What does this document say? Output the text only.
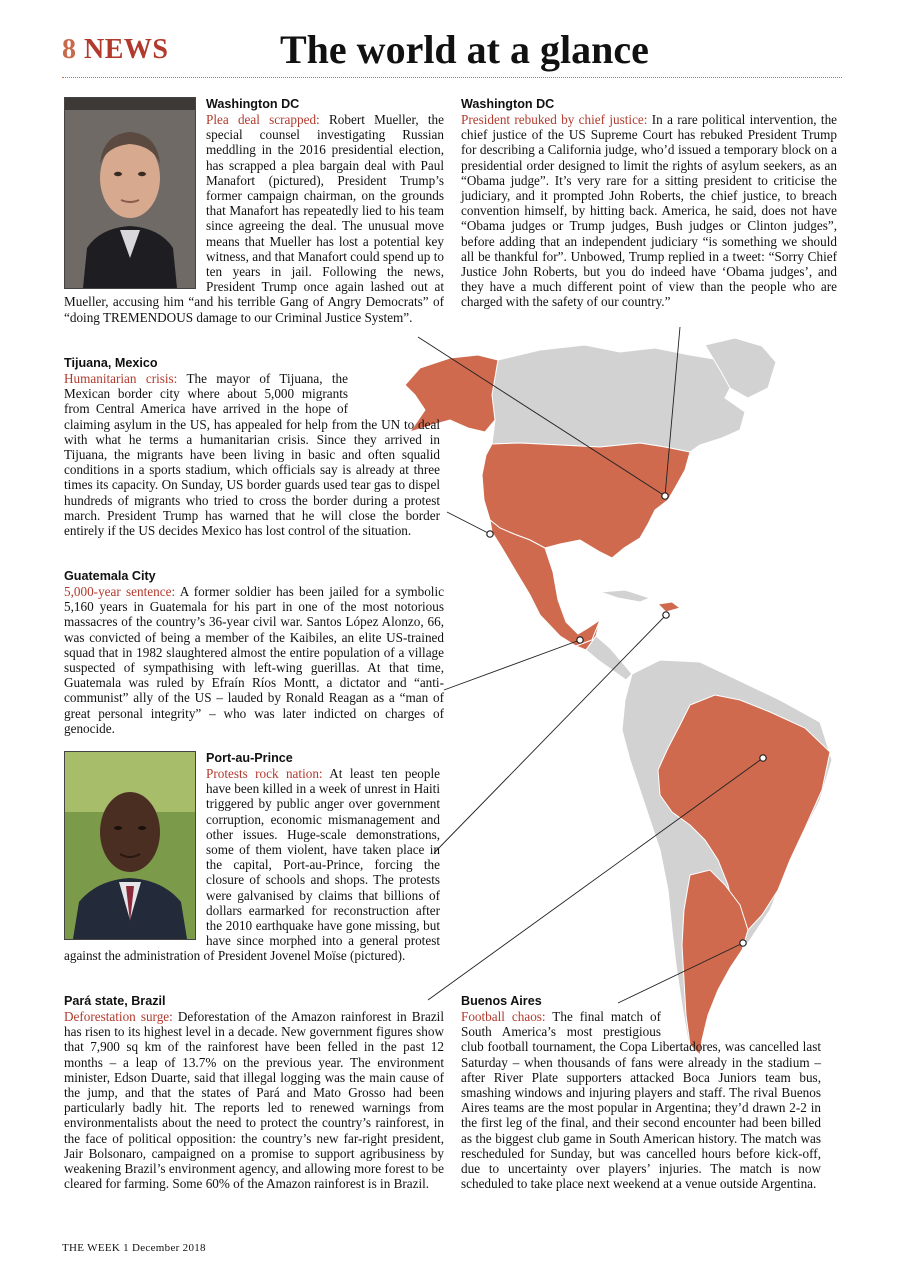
8 NEWS	The world at a glance
Washington DC
Plea deal scrapped: Robert Mueller, the special counsel investigating Russian meddling in the 2016 presidential election, has scrapped a plea bargain deal with Paul Manafort (pictured), President Trump’s former campaign chairman, on the grounds that Manafort has repeatedly lied to his team since agreeing the deal. The unusual move means that Mueller has lost a potential key witness, and that Manafort could spend up to ten years in jail. Following the news, President Trump once again lashed out at Mueller, accusing him “and his terrible Gang of Angry Democrats” of “doing TREMENDOUS damage to our Criminal Justice System”.
Washington DC
President rebuked by chief justice: In a rare political intervention, the chief justice of the US Supreme Court has rebuked President Trump for describing a California judge, who’d issued a temporary block on a presidential order designed to limit the rights of asylum seekers, as an “Obama judge”. It’s very rare for a sitting president to criticise the judiciary, and it prompted John Roberts, the chief justice, to breach convention himself, by hitting back. America, he said, does not have “Obama judges or Trump judges, Bush judges or Clinton judges”, before adding that an independent judiciary “is something we should all be thankful for”. Unbowed, Trump replied in a tweet: “Sorry Chief Justice John Roberts, but you do indeed have ‘Obama judges’, and they have a much different point of view than the people who are charged with the safety of our country.”
Tijuana, Mexico
Humanitarian crisis: The mayor of Tijuana, the Mexican border city where about 5,000 migrants from Central America have arrived in the hope of claiming asylum in the US, has appealed for help from the UN to deal with what he terms a humanitarian crisis. Since they arrived in Tijuana, the migrants have been living in basic and often squalid conditions in a sports stadium, which officials say is already at three times its capacity. On Sunday, US border guards used tear gas to dispel hundreds of migrants who tried to cross the border during a protest march. President Trump has warned that he will close the border entirely if the US decides Mexico has lost control of the situation.
Guatemala City
5,000-year sentence: A former soldier has been jailed for a symbolic 5,160 years in Guatemala for his part in one of the most notorious massacres of the country’s 36-year civil war. Santos López Alonzo, 66, was convicted of being a member of the Kaibiles, an elite US-trained squad that in 1982 slaughtered almost the entire population of a village suspected of sympathising with left-wing guerillas. At that time, Guatemala was ruled by Efraín Ríos Montt, a dictator and “anti-communist” ally of the US – lauded by Ronald Reagan as a “man of great personal integrity” – who was later indicted on charges of genocide.
Port-au-Prince
Protests rock nation: At least ten people have been killed in a week of unrest in Haiti triggered by public anger over government corruption, economic mismanagement and other issues. Huge-scale demonstrations, some of them violent, have taken place in the capital, Port-au-Prince, forcing the closure of schools and shops. The protests were galvanised by claims that billions of dollars earmarked for reconstruction after the 2010 earthquake have gone missing, but have since morphed into a general protest against the administration of President Jovenel Moïse (pictured).
Pará state, Brazil
Deforestation surge: Deforestation of the Amazon rainforest in Brazil has risen to its highest level in a decade. New government figures show that 7,900 sq km of the rainforest have been felled in the past 12 months – a leap of 13.7% on the previous year. The environment minister, Edson Duarte, said that illegal logging was the main cause of the jump, and that the states of Pará and Mato Grosso had been particularly badly hit. The reports led to renewed warnings from environmentalists about the need to protect the country’s rainforest, in the face of political opposition: the country’s new far-right president, Jair Bolsonaro, campaigned on a promise to support agribusiness by weakening Brazil’s environment agency, and allowing more forest to be cleared for farming. Some 60% of the Amazon rainforest is in Brazil.
Buenos Aires
Football chaos: The final match of South America’s most prestigious club football tournament, the Copa Libertadores, was cancelled last Saturday – when thousands of fans were already in the stadium – after River Plate supporters attacked Boca Juniors team bus, smashing windows and injuring players and staff. The rival Buenos Aires teams are the most popular in Argentina; they’d drawn 2-2 in the first leg of the final, and their second encounter had been billed as the biggest club game in South American history. The match was rescheduled for Sunday, but was cancelled hours before kick-off, due to uncertainty over players’ injuries. The match is now scheduled to take place next weekend at a venue outside Argentina.
THE WEEK 1 December 2018
